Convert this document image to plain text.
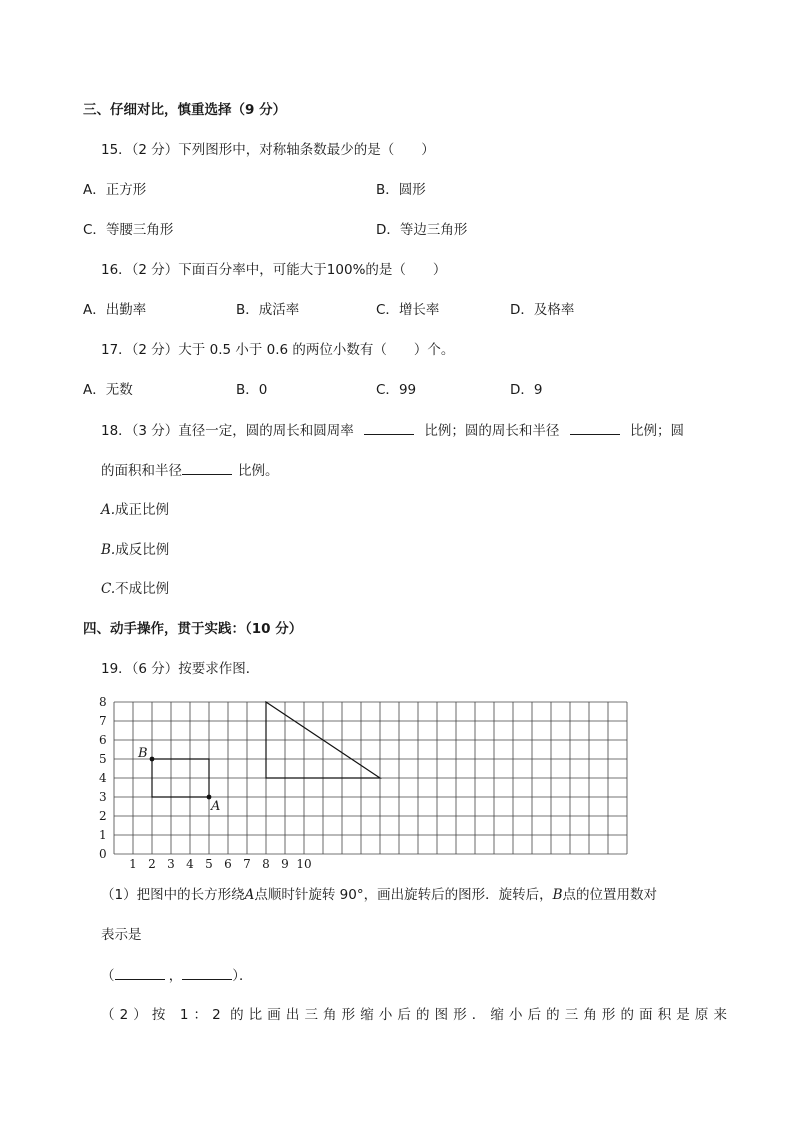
三、仔细对比，慎重选择（9 分）
15．（2 分）下列图形中，对称轴条数最少的是（　　）
A．正方形	B．圆形
C．等腰三角形	D．等边三角形
16．（2 分）下面百分率中，可能大于100%的是（　　）
A．出勤率	B．成活率	C．增长率	D．及格率
17．（2 分）大于 0.5 小于 0.6 的两位小数有（　　）个。
A．无数	B．0	C．99	D．9
18．（3 分）直径一定，圆的周长和圆周率	比例；圆的周长和半径	比例；圆
的面积和半径	比例。
A.成正比例
B.成反比例
C.不成比例
四、动手操作，贯于实践：（10 分）
19．（6 分）按要求作图．
0
1
2
3
4
5
6
7
8
1 2 3 4 5 6 7 8 9 10
B
A
（1）把图中的长方形绕A点顺时针旋转 90°，画出旋转后的图形．旋转后，B点的位置用数对
表示是
（	，	）．
（2）按 1：2 的比画出三角形缩小后的图形．缩小后的三角形的面积是原来
